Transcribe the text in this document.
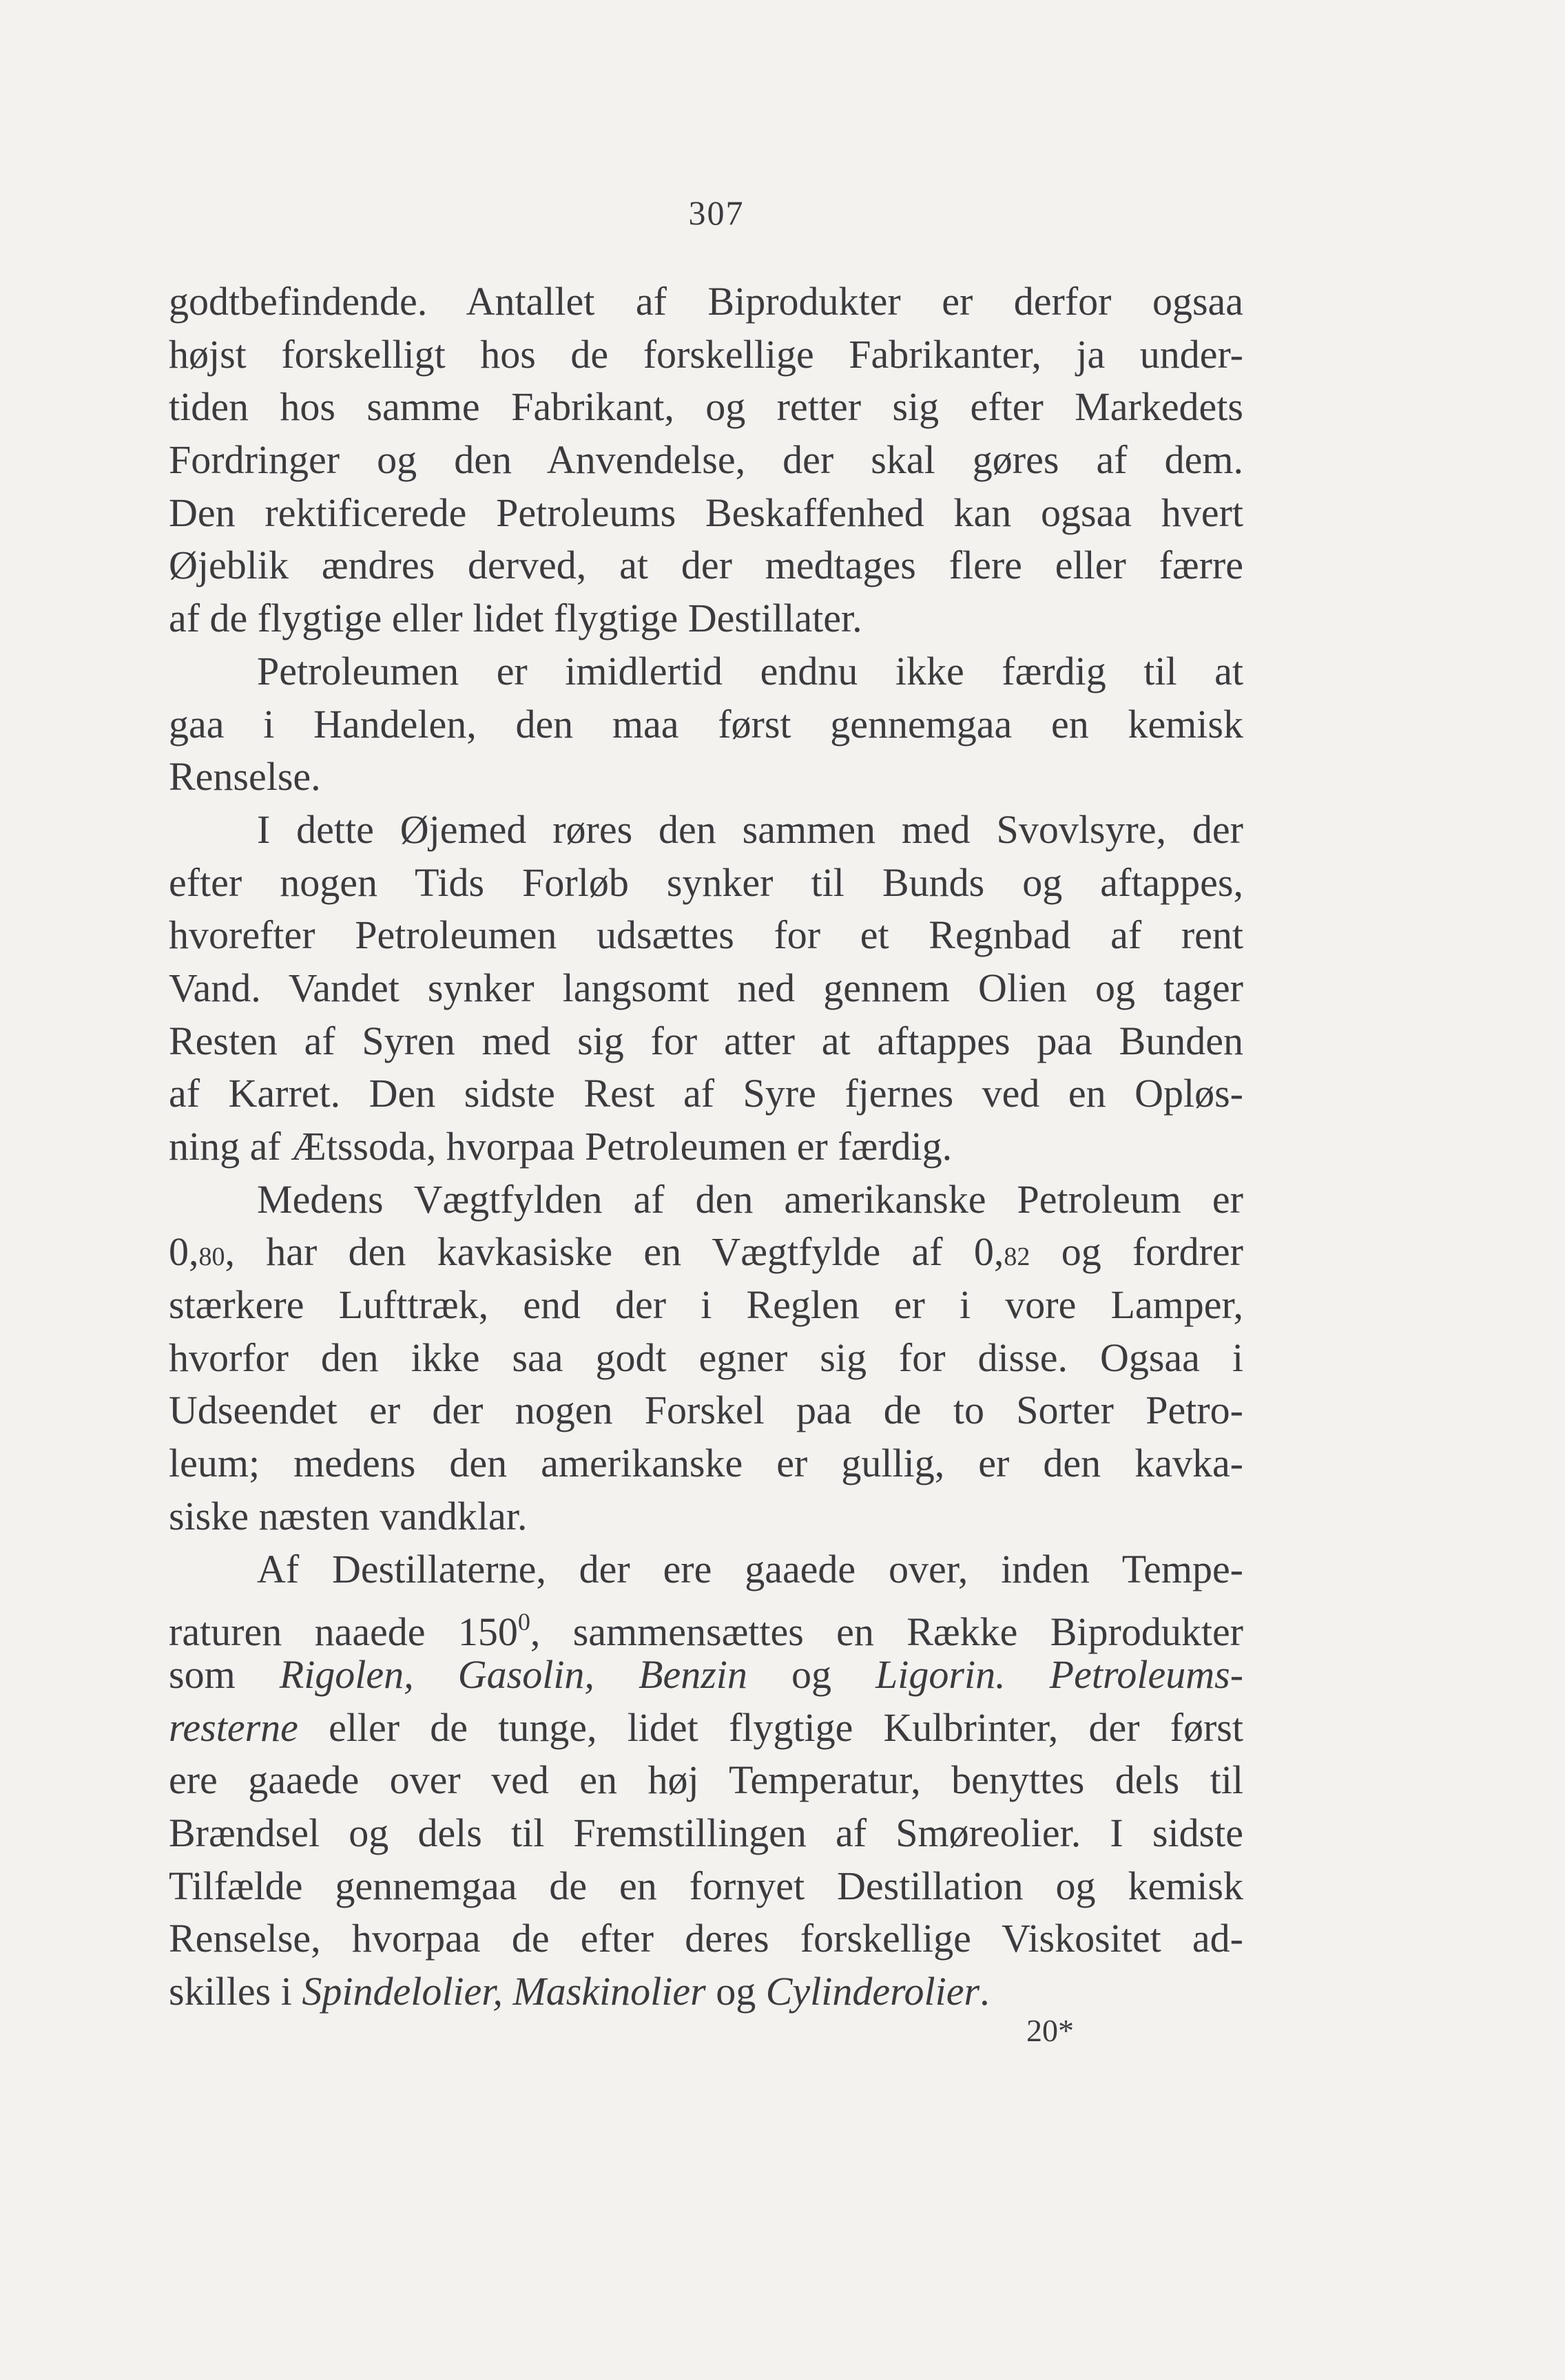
307
godtbefindende. Antallet af Biprodukter er derfor ogsaa
højst forskelligt hos de forskellige Fabrikanter, ja under-
tiden hos samme Fabrikant, og retter sig efter Markedets
Fordringer og den Anvendelse, der skal gøres af dem.
Den rektificerede Petroleums Beskaffenhed kan ogsaa hvert
Øjeblik ændres derved, at der medtages flere eller færre
af de flygtige eller lidet flygtige Destillater.
Petroleumen er imidlertid endnu ikke færdig til at
gaa i Handelen, den maa først gennemgaa en kemisk
Renselse.
I dette Øjemed røres den sammen med Svovlsyre, der
efter nogen Tids Forløb synker til Bunds og aftappes,
hvorefter Petroleumen udsættes for et Regnbad af rent
Vand. Vandet synker langsomt ned gennem Olien og tager
Resten af Syren med sig for atter at aftappes paa Bunden
af Karret. Den sidste Rest af Syre fjernes ved en Opløs-
ning af Ætssoda, hvorpaa Petroleumen er færdig.
Medens Vægtfylden af den amerikanske Petroleum er
0,80, har den kavkasiske en Vægtfylde af 0,82 og fordrer
stærkere Lufttræk, end der i Reglen er i vore Lamper,
hvorfor den ikke saa godt egner sig for disse. Ogsaa i
Udseendet er der nogen Forskel paa de to Sorter Petro-
leum; medens den amerikanske er gullig, er den kavka-
siske næsten vandklar.
Af Destillaterne, der ere gaaede over, inden Tempe-
raturen naaede $150^0$, sammensættes en Række Biprodukter
som Rigolen, Gasolin, Benzin og Ligorin. Petroleums-
resterne eller de tunge, lidet flygtige Kulbrinter, der først
ere gaaede over ved en høj Temperatur, benyttes dels til
Brændsel og dels til Fremstillingen af Smøreolier. I sidste
Tilfælde gennemgaa de en fornyet Destillation og kemisk
Renselse, hvorpaa de efter deres forskellige Viskositet ad-
skilles i Spindelolier, Maskinolier og Cylinderolier.
20*
